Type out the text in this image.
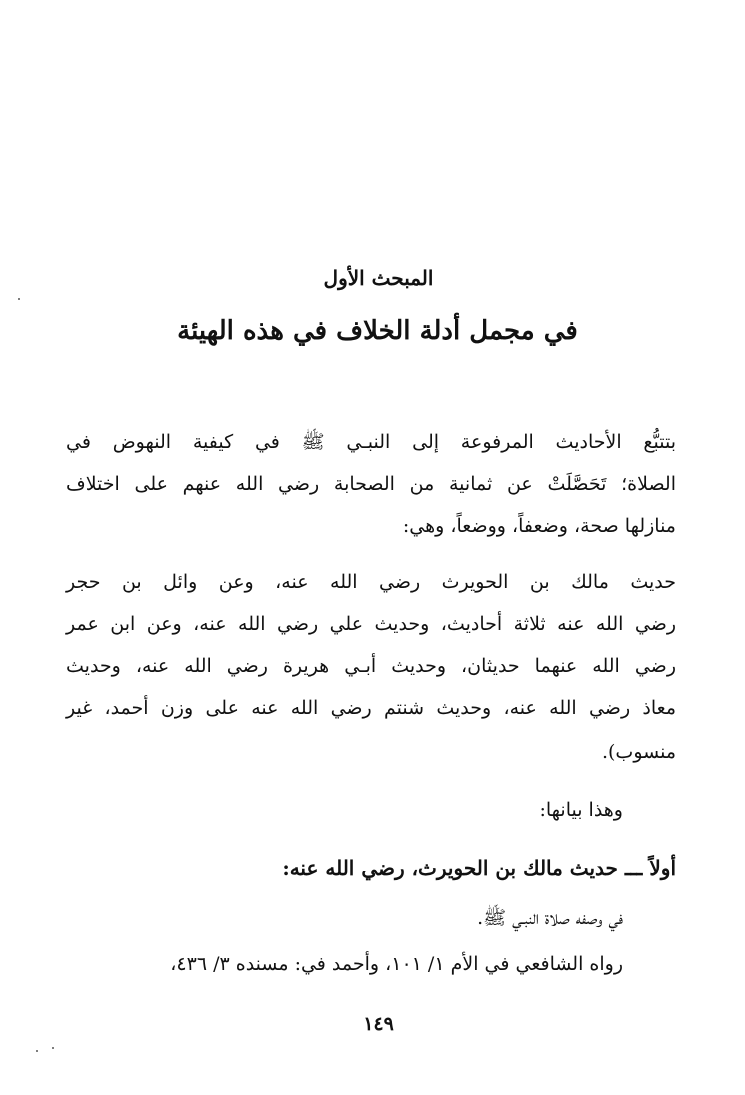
المبحث الأول
في مجمل أدلة الخلاف في هذه الهيئة
بتتبُّع الأحاديث المرفوعة إلى النبـي ﷺ في كيفية النهوض في
الصلاة؛ تَحَصَّلَتْ عن ثمانية من الصحابة رضي الله عنهم على اختلاف
منازلها صحة، وضعفاً، ووضعاً، وهي:
حديث مالك بن الحويرث رضي الله عنه، وعن وائل بن حجر
رضي الله عنه ثلاثة أحاديث، وحديث علي رضي الله عنه، وعن ابن عمر
رضي الله عنهما حديثان، وحديث أبـي هريرة رضي الله عنه، وحديث
معاذ رضي الله عنه، وحديث شنتم رضي الله عنه على وزن أحمد، غير
منسوب).
وهذا بيانها:
أولاً ـــ حديث مالك بن الحويرث، رضي الله عنه:
في وصفه صلاة النبـي ﷺ.
رواه الشافعي في الأم ١/ ١٠١، وأحمد في: مسنده ٣/ ٤٣٦،
١٤٩
